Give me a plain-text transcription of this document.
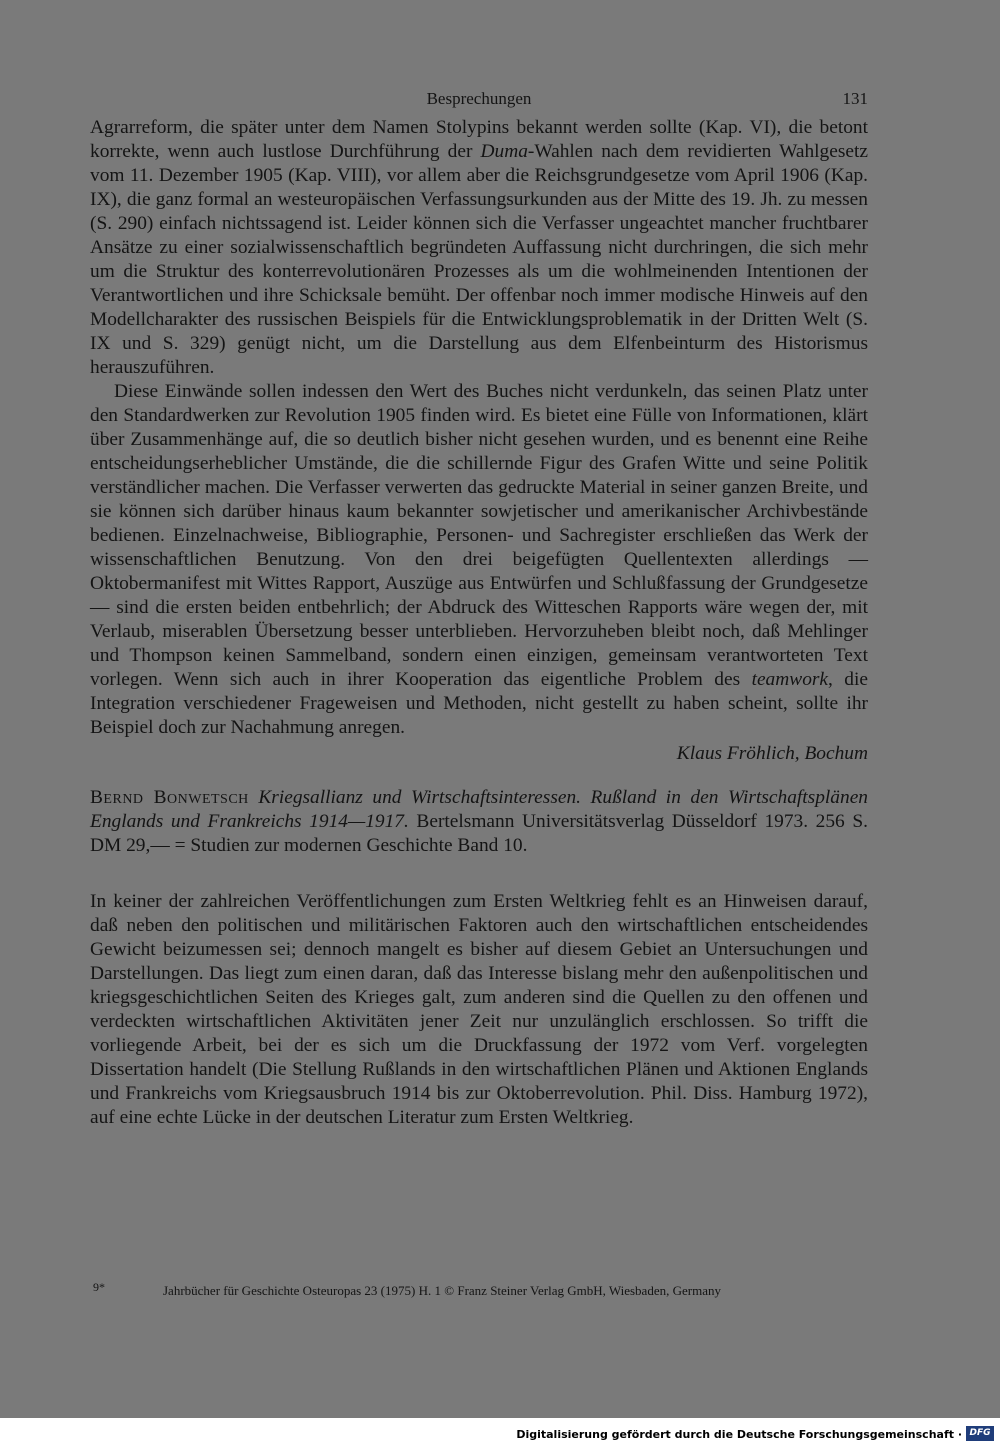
Besprechungen	131

Agrarreform, die später unter dem Namen Stolypins bekannt werden sollte (Kap. VI), die betont korrekte, wenn auch lustlose Durchführung der Duma-Wahlen nach dem revidierten Wahlgesetz vom 11. Dezember 1905 (Kap. VIII), vor allem aber die Reichsgrundgesetze vom April 1906 (Kap. IX), die ganz formal an westeuropäischen Verfassungsurkunden aus der Mitte des 19. Jh. zu messen (S. 290) einfach nichtssagend ist. Leider können sich die Verfasser ungeachtet mancher fruchtbarer Ansätze zu einer sozialwissenschaftlich begründeten Auffassung nicht durchringen, die sich mehr um die Struktur des konterrevolutionären Prozesses als um die wohlmeinenden Intentionen der Verantwortlichen und ihre Schicksale bemüht. Der offenbar noch immer modische Hinweis auf den Modellcharakter des russischen Beispiels für die Entwicklungsproblematik in der Dritten Welt (S. IX und S. 329) genügt nicht, um die Darstellung aus dem Elfenbeinturm des Historismus herauszuführen.

Diese Einwände sollen indessen den Wert des Buches nicht verdunkeln, das seinen Platz unter den Standardwerken zur Revolution 1905 finden wird. Es bietet eine Fülle von Informationen, klärt über Zusammenhänge auf, die so deutlich bisher nicht gesehen wurden, und es benennt eine Reihe entscheidungserheblicher Umstände, die die schillernde Figur des Grafen Witte und seine Politik verständlicher machen. Die Verfasser verwerten das gedruckte Material in seiner ganzen Breite, und sie können sich darüber hinaus kaum bekannter sowjetischer und amerikanischer Archivbestände bedienen. Einzelnachweise, Bibliographie, Personen- und Sachregister erschließen das Werk der wissenschaftlichen Benutzung. Von den drei beigefügten Quellentexten allerdings — Oktobermanifest mit Wittes Rapport, Auszüge aus Entwürfen und Schlußfassung der Grundgesetze — sind die ersten beiden entbehrlich; der Abdruck des Witteschen Rapports wäre wegen der, mit Verlaub, miserablen Übersetzung besser unterblieben. Hervorzuheben bleibt noch, daß Mehlinger und Thompson keinen Sammelband, sondern einen einzigen, gemeinsam verantworteten Text vorlegen. Wenn sich auch in ihrer Kooperation das eigentliche Problem des teamwork, die Integration verschiedener Frageweisen und Methoden, nicht gestellt zu haben scheint, sollte ihr Beispiel doch zur Nachahmung anregen.

Klaus Fröhlich, Bochum
Bernd Bonwetsch Kriegsallianz und Wirtschaftsinteressen. Rußland in den Wirtschaftsplänen Englands und Frankreichs 1914—1917. Bertelsmann Universitätsverlag Düsseldorf 1973. 256 S. DM 29,— = Studien zur modernen Geschichte Band 10.

In keiner der zahlreichen Veröffentlichungen zum Ersten Weltkrieg fehlt es an Hinweisen darauf, daß neben den politischen und militärischen Faktoren auch den wirtschaftlichen entscheidendes Gewicht beizumessen sei; dennoch mangelt es bisher auf diesem Gebiet an Untersuchungen und Darstellungen. Das liegt zum einen daran, daß das Interesse bislang mehr den außenpolitischen und kriegsgeschichtlichen Seiten des Krieges galt, zum anderen sind die Quellen zu den offenen und verdeckten wirtschaftlichen Aktivitäten jener Zeit nur unzulänglich erschlossen. So trifft die vorliegende Arbeit, bei der es sich um die Druckfassung der 1972 vom Verf. vorgelegten Dissertation handelt (Die Stellung Rußlands in den wirtschaftlichen Plänen und Aktionen Englands und Frankreichs vom Kriegsausbruch 1914 bis zur Oktoberrevolution. Phil. Diss. Hamburg 1972), auf eine echte Lücke in der deutschen Literatur zum Ersten Weltkrieg.

9*	Jahrbücher für Geschichte Osteuropas 23 (1975) H. 1 © Franz Steiner Verlag GmbH, Wiesbaden, Germany
Digitalisierung gefördert durch die Deutsche Forschungsgemeinschaft · DFG
